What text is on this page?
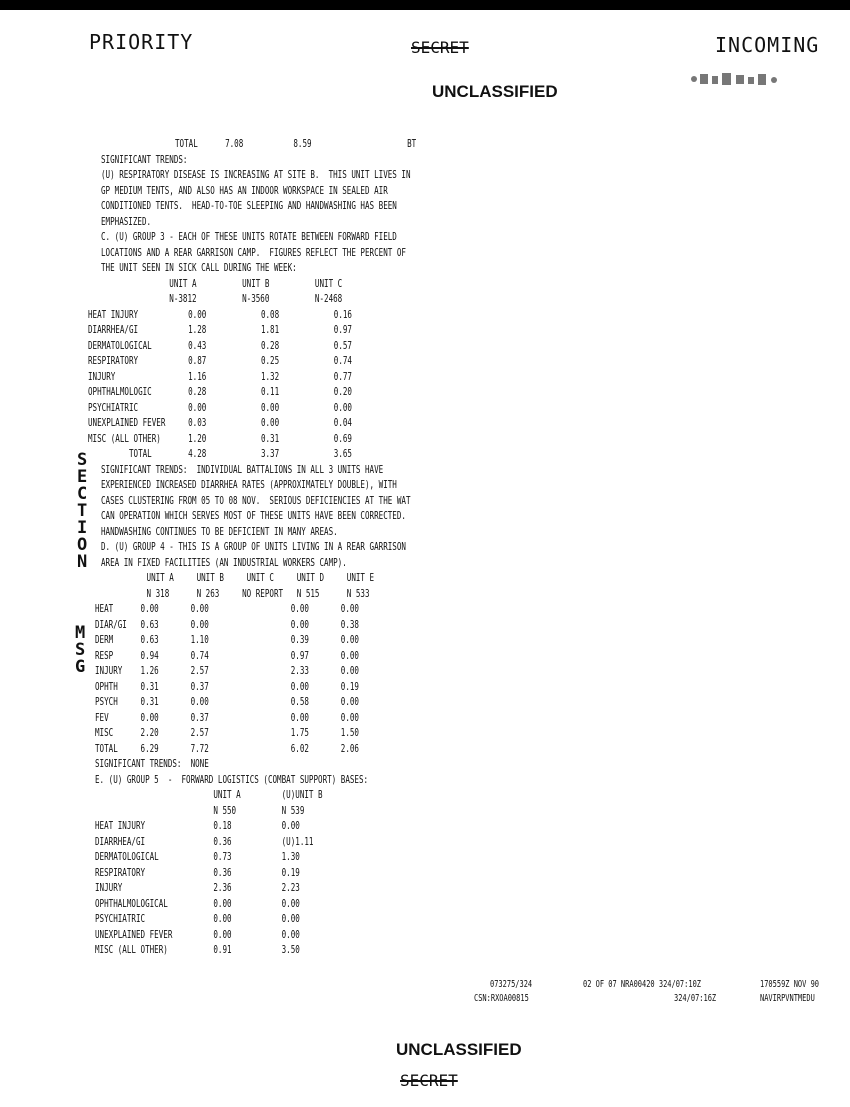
PRIORITY	SECRET	INCOMING
UNCLASSIFIED
TOTAL      7.08           8.59                     BT
SIGNIFICANT TRENDS:
(U) RESPIRATORY DISEASE IS INCREASING AT SITE B.  THIS UNIT LIVES IN
GP MEDIUM TENTS, AND ALSO HAS AN INDOOR WORKSPACE IN SEALED AIR
CONDITIONED TENTS.  HEAD-TO-TOE SLEEPING AND HANDWASHING HAS BEEN
EMPHASIZED.
C. (U) GROUP 3 - EACH OF THESE UNITS ROTATE BETWEEN FORWARD FIELD
LOCATIONS AND A REAR GARRISON CAMP.  FIGURES REFLECT THE PERCENT OF
THE UNIT SEEN IN SICK CALL DURING THE WEEK:
UNIT A          UNIT B          UNIT C
N-3812          N-3560          N-2468
HEAT INJURY           0.00            0.08            0.16
DIARRHEA/GI           1.28            1.81            0.97
DERMATOLOGICAL        0.43            0.28            0.57
RESPIRATORY           0.87            0.25            0.74
INJURY                1.16            1.32            0.77
OPHTHALMOLOGIC        0.28            0.11            0.20
PSYCHIATRIC           0.00            0.00            0.00
UNEXPLAINED FEVER     0.03            0.00            0.04
MISC (ALL OTHER)      1.20            0.31            0.69
TOTAL        4.28            3.37            3.65
SIGNIFICANT TRENDS:  INDIVIDUAL BATTALIONS IN ALL 3 UNITS HAVE
EXPERIENCED INCREASED DIARRHEA RATES (APPROXIMATELY DOUBLE), WITH
CASES CLUSTERING FROM 05 TO 08 NOV.  SERIOUS DEFICIENCIES AT THE WAT
CAN OPERATION WHICH SERVES MOST OF THESE UNITS HAVE BEEN CORRECTED.
HANDWASHING CONTINUES TO BE DEFICIENT IN MANY AREAS.
D. (U) GROUP 4 - THIS IS A GROUP OF UNITS LIVING IN A REAR GARRISON
AREA IN FIXED FACILITIES (AN INDUSTRIAL WORKERS CAMP).
UNIT A     UNIT B     UNIT C     UNIT D     UNIT E
N 318      N 263     NO REPORT   N 515      N 533
HEAT      0.00       0.00                  0.00       0.00
DIAR/GI   0.63       0.00                  0.00       0.38
DERM      0.63       1.10                  0.39       0.00
RESP      0.94       0.74                  0.97       0.00
INJURY    1.26       2.57                  2.33       0.00
OPHTH     0.31       0.37                  0.00       0.19
PSYCH     0.31       0.00                  0.58       0.00
FEV       0.00       0.37                  0.00       0.00
MISC      2.20       2.57                  1.75       1.50
TOTAL     6.29       7.72                  6.02       2.06
SIGNIFICANT TRENDS:  NONE
E. (U) GROUP 5  -  FORWARD LOGISTICS (COMBAT SUPPORT) BASES:
UNIT A         (U)UNIT B
N 550          N 539
HEAT INJURY               0.18           0.00
DIARRHEA/GI               0.36           (U)1.11
DERMATOLOGICAL            0.73           1.30
RESPIRATORY               0.36           0.19
INJURY                    2.36           2.23
OPHTHALMOLOGICAL          0.00           0.00
PSYCHIATRIC               0.00           0.00
UNEXPLAINED FEVER         0.00           0.00
MISC (ALL OTHER)          0.91           3.50
S
E
C
T
I
O
N
M
S
G
073275/324
CSN:RXOA00815
02 OF 07 NRA00420 324/07:10Z
324/07:16Z
170559Z NOV 90
NAVIRPVNTMEDU
UNCLASSIFIED
SECRET
